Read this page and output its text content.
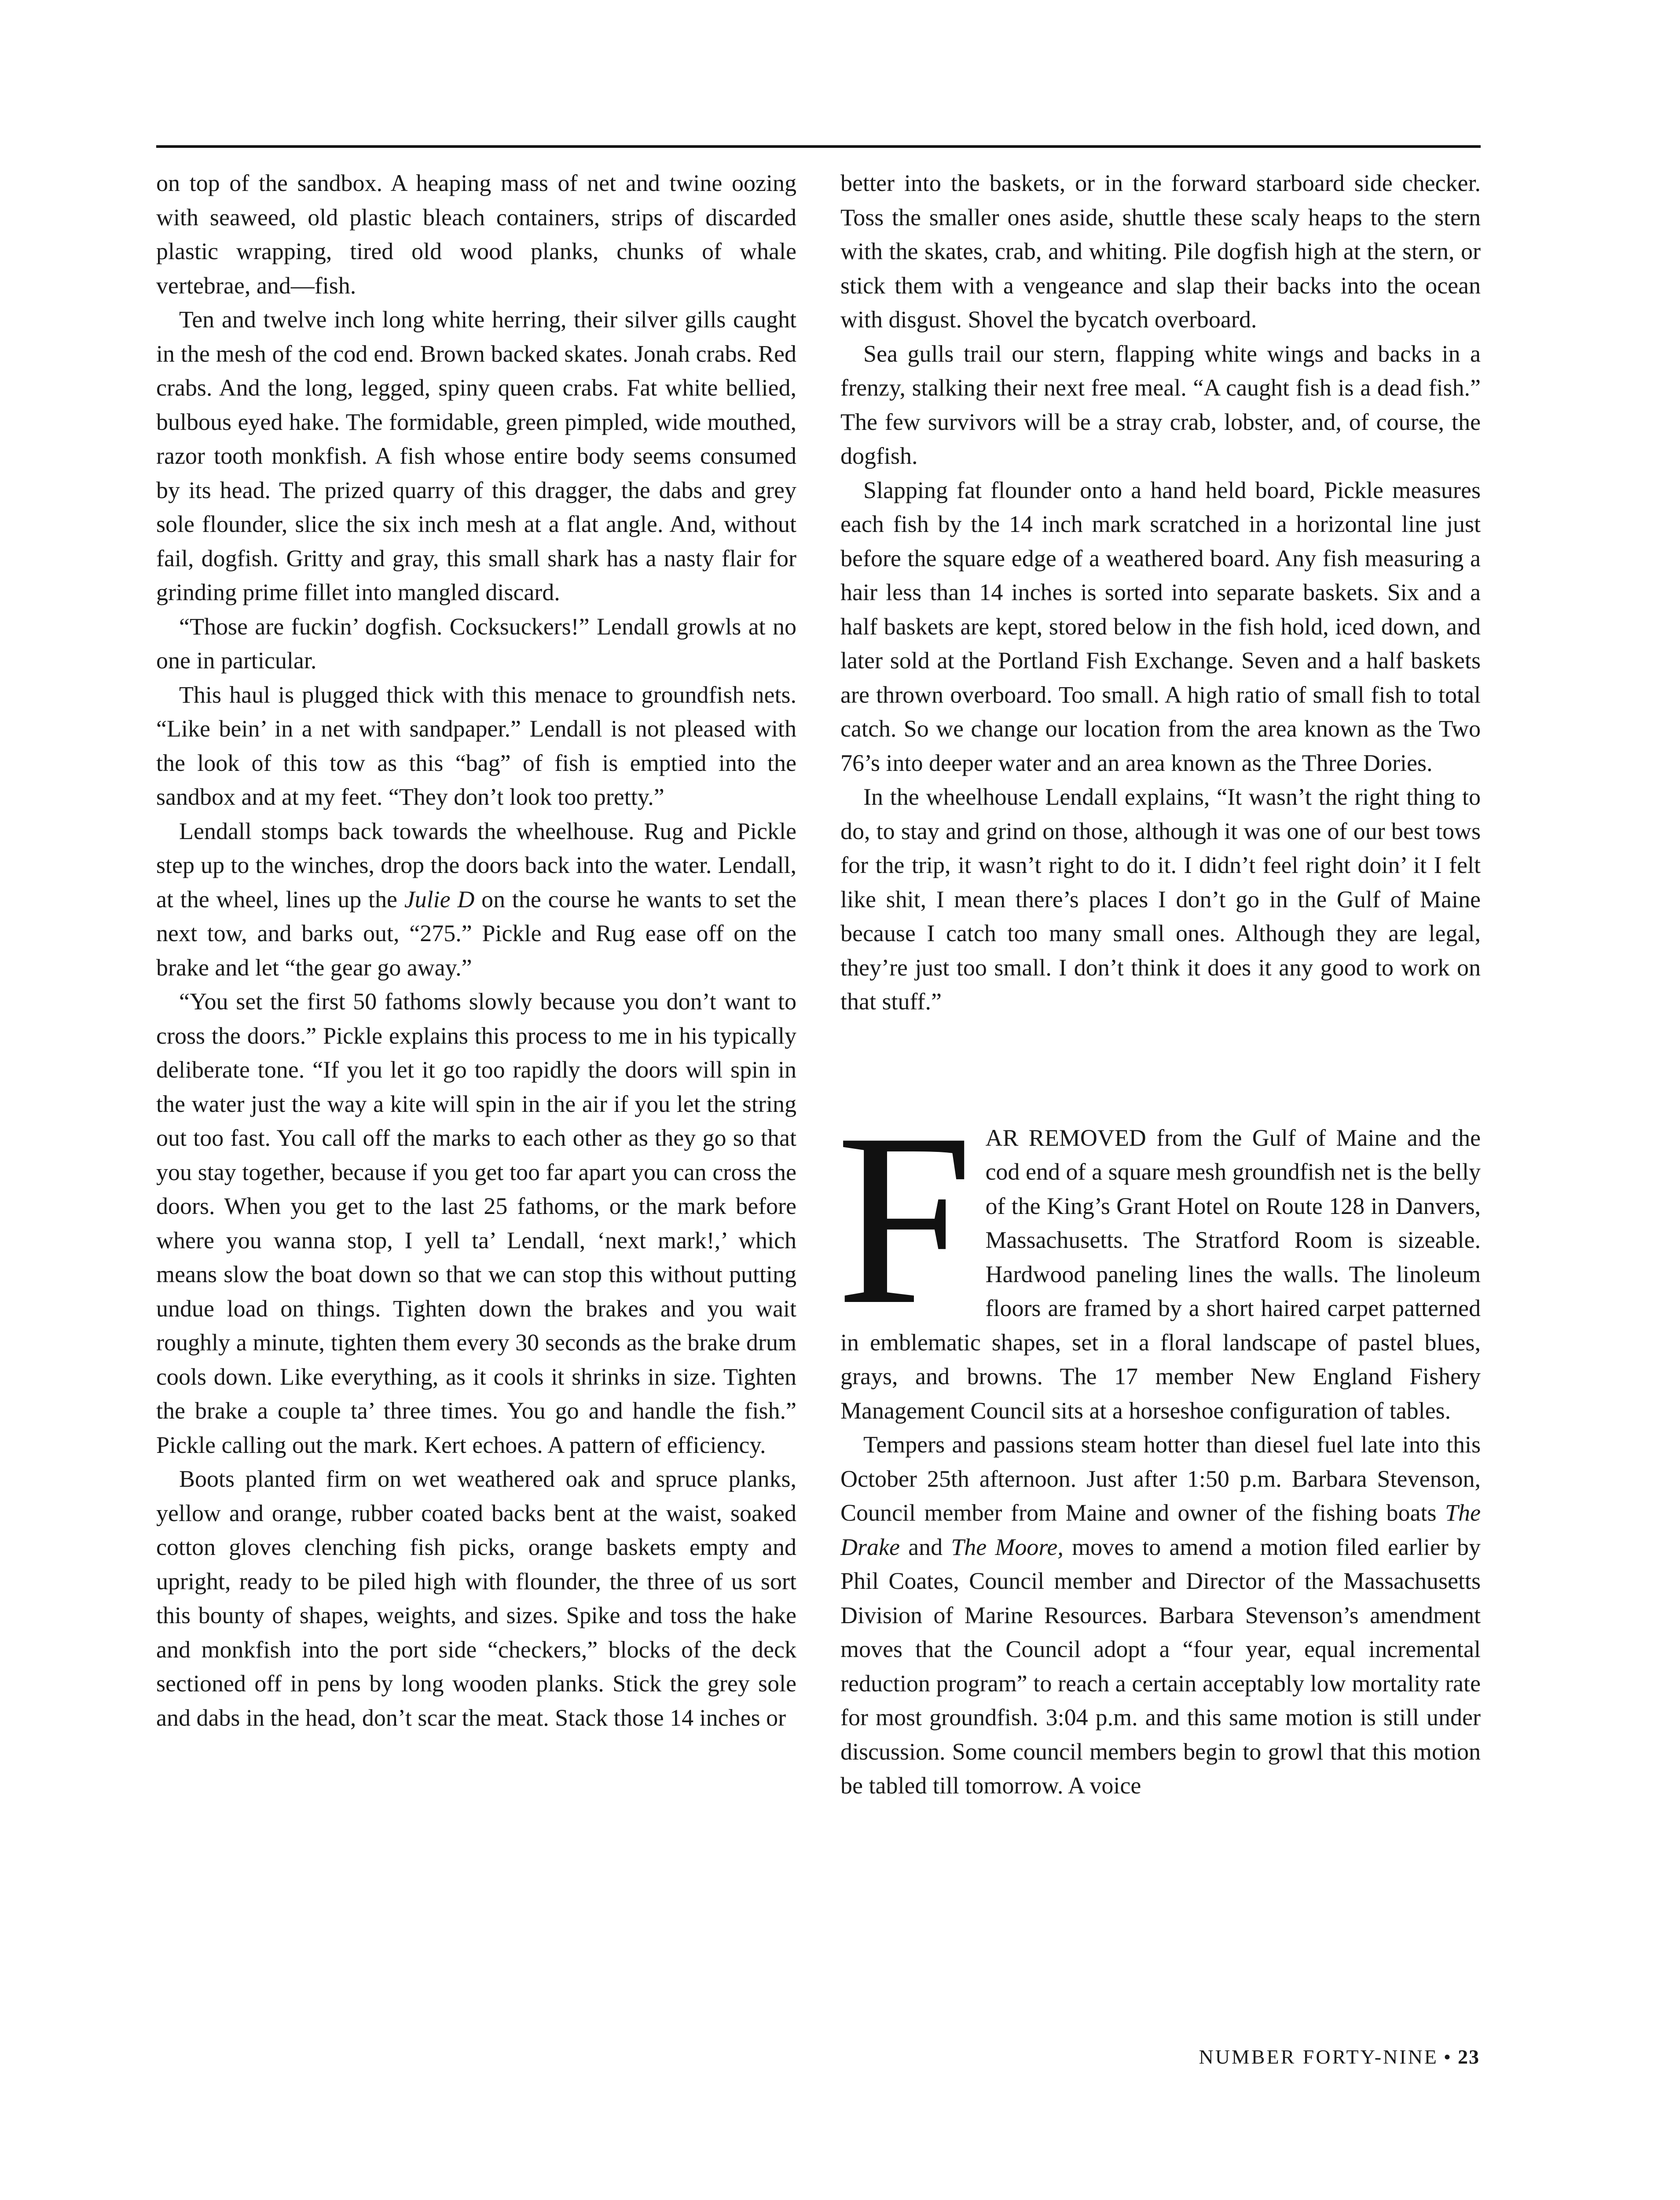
on top of the sandbox. A heaping mass of net and twine oozing with seaweed, old plastic bleach containers, strips of discarded plastic wrapping, tired old wood planks, chunks of whale vertebrae, and—fish.

Ten and twelve inch long white herring, their silver gills caught in the mesh of the cod end. Brown backed skates. Jonah crabs. Red crabs. And the long, legged, spiny queen crabs. Fat white bellied, bulbous eyed hake. The formidable, green pimpled, wide mouthed, razor tooth monkfish. A fish whose entire body seems consumed by its head. The prized quarry of this dragger, the dabs and grey sole flounder, slice the six inch mesh at a flat angle. And, without fail, dogfish. Gritty and gray, this small shark has a nasty flair for grinding prime fillet into mangled discard.

“Those are fuckin’ dogfish. Cocksuckers!” Lendall growls at no one in particular.

This haul is plugged thick with this menace to groundfish nets. “Like bein’ in a net with sandpaper.” Lendall is not pleased with the look of this tow as this “bag” of fish is emptied into the sandbox and at my feet. “They don’t look too pretty.”

Lendall stomps back towards the wheelhouse. Rug and Pickle step up to the winches, drop the doors back into the water. Lendall, at the wheel, lines up the Julie D on the course he wants to set the next tow, and barks out, “275.” Pickle and Rug ease off on the brake and let “the gear go away.”

“You set the first 50 fathoms slowly because you don’t want to cross the doors.” Pickle explains this process to me in his typically deliberate tone. “If you let it go too rapidly the doors will spin in the water just the way a kite will spin in the air if you let the string out too fast. You call off the marks to each other as they go so that you stay together, because if you get too far apart you can cross the doors. When you get to the last 25 fathoms, or the mark before where you wanna stop, I yell ta’ Lendall, ‘next mark!,’ which means slow the boat down so that we can stop this without putting undue load on things. Tighten down the brakes and you wait roughly a minute, tighten them every 30 seconds as the brake drum cools down. Like everything, as it cools it shrinks in size. Tighten the brake a couple ta’ three times. You go and handle the fish.” Pickle calling out the mark. Kert echoes. A pattern of efficiency.

Boots planted firm on wet weathered oak and spruce planks, yellow and orange, rubber coated backs bent at the waist, soaked cotton gloves clenching fish picks, orange baskets empty and upright, ready to be piled high with flounder, the three of us sort this bounty of shapes, weights, and sizes. Spike and toss the hake and monkfish into the port side “checkers,” blocks of the deck sectioned off in pens by long wooden planks. Stick the grey sole and dabs in the head, don’t scar the meat. Stack those 14 inches or

better into the baskets, or in the forward starboard side checker. Toss the smaller ones aside, shuttle these scaly heaps to the stern with the skates, crab, and whiting. Pile dogfish high at the stern, or stick them with a vengeance and slap their backs into the ocean with disgust. Shovel the bycatch overboard.

Sea gulls trail our stern, flapping white wings and backs in a frenzy, stalking their next free meal. “A caught fish is a dead fish.” The few survivors will be a stray crab, lobster, and, of course, the dogfish.

Slapping fat flounder onto a hand held board, Pickle measures each fish by the 14 inch mark scratched in a horizontal line just before the square edge of a weathered board. Any fish measuring a hair less than 14 inches is sorted into separate baskets. Six and a half baskets are kept, stored below in the fish hold, iced down, and later sold at the Portland Fish Exchange. Seven and a half baskets are thrown overboard. Too small. A high ratio of small fish to total catch. So we change our location from the area known as the Two 76’s into deeper water and an area known as the Three Dories.

In the wheelhouse Lendall explains, “It wasn’t the right thing to do, to stay and grind on those, although it was one of our best tows for the trip, it wasn’t right to do it. I didn’t feel right doin’ it I felt like shit, I mean there’s places I don’t go in the Gulf of Maine because I catch too many small ones. Although they are legal, they’re just too small. I don’t think it does it any good to work on that stuff.”

FAR REMOVED from the Gulf of Maine and the cod end of a square mesh groundfish net is the belly of the King’s Grant Hotel on Route 128 in Danvers, Massachusetts. The Stratford Room is sizeable. Hardwood paneling lines the walls. The linoleum floors are framed by a short haired carpet patterned in emblematic shapes, set in a floral landscape of pastel blues, grays, and browns. The 17 member New England Fishery Management Council sits at a horseshoe configuration of tables.

Tempers and passions steam hotter than diesel fuel late into this October 25th afternoon. Just after 1:50 p.m. Barbara Stevenson, Council member from Maine and owner of the fishing boats The Drake and The Moore, moves to amend a motion filed earlier by Phil Coates, Council member and Director of the Massachusetts Division of Marine Resources. Barbara Stevenson’s amendment moves that the Council adopt a “four year, equal incremental reduction program” to reach a certain acceptably low mortality rate for most groundfish. 3:04 p.m. and this same motion is still under discussion. Some council members begin to growl that this motion be tabled till tomorrow. A voice

NUMBER FORTY-NINE • 23
